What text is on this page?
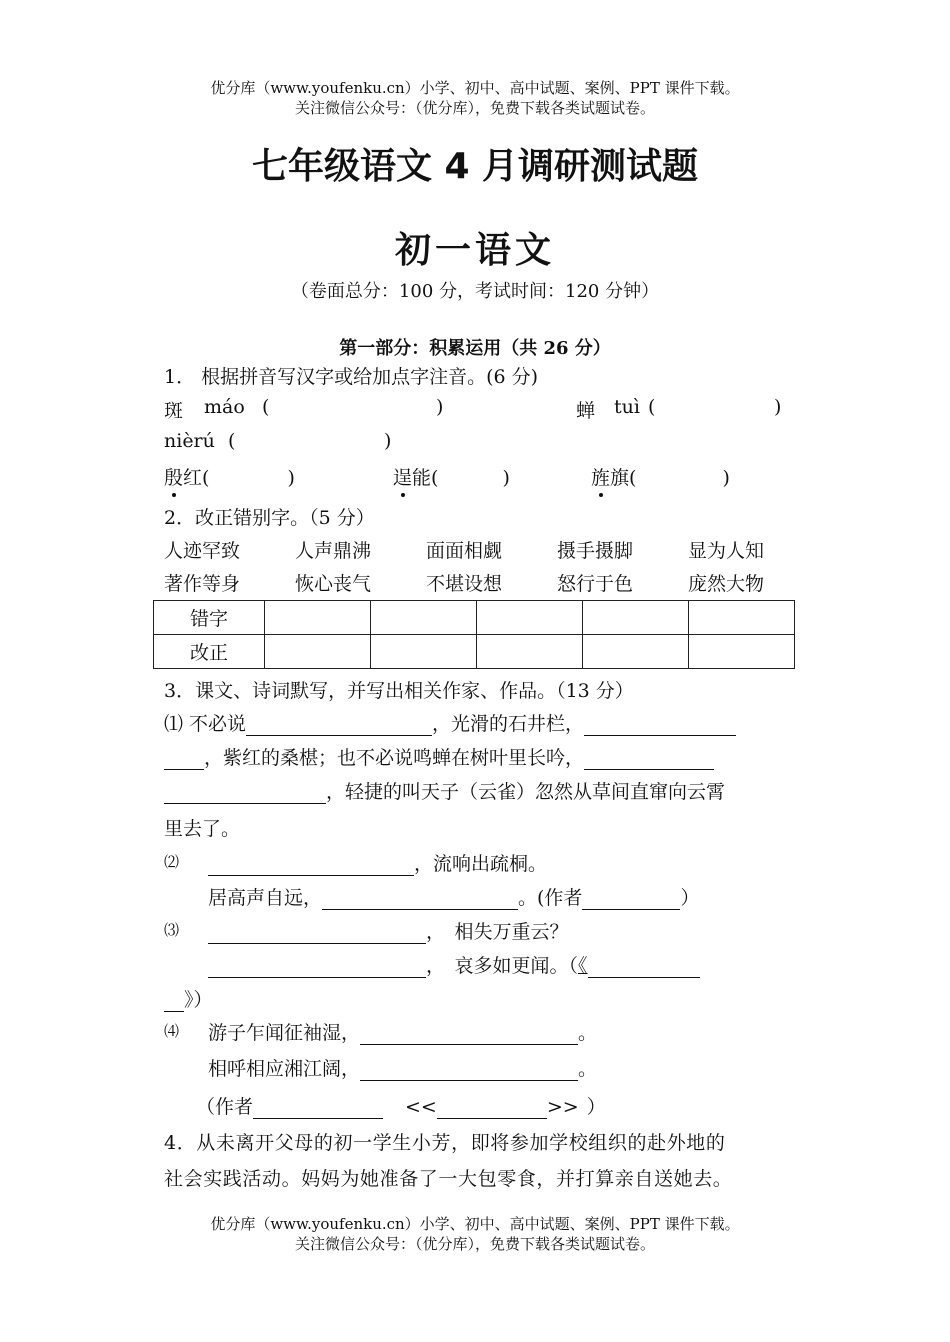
优分库（www.youfenku.cn）小学、初中、高中试题、案例、PPT 课件下载。
关注微信公众号：（优分库），免费下载各类试题试卷。
七年级语文 4 月调研测试题
初一语文
（卷面总分：100 分，考试时间：120 分钟）
第一部分：积累运用（共 26 分）
1． 根据拼音写汉字或给加点字注音。(6 分)
斑 máo (	)	蝉 tuì (	)
nièrú (	)
殷红(	)	逞能(	)	旌旗(	)
2．改正错别字。（5 分）
人迹罕致	人声鼎沸	面面相觑	摄手摄脚	显为人知
著作等身	恢心丧气	不堪设想	怒行于色	庞然大物
错字					
改正					
3．课文、诗词默写，并写出相关作家、作品。（13 分）
⑴ 不必说	，光滑的石井栏，
，紫红的桑椹；也不必说鸣蝉在树叶里长吟，
，轻捷的叫天子（云雀）忽然从草间直窜向云霄
里去了。
⑵	，流响出疏桐。
居高声自远，	。(作者	）
⑶	，　相失万重云？
，　哀多如更闻。（《
》）
⑷ 游子乍闻征袖湿，	。
相呼相应湘江阔，	。
（作者	<<	>> ）
4．从未离开父母的初一学生小芳，即将参加学校组织的赴外地的
社会实践活动。妈妈为她准备了一大包零食，并打算亲自送她去。
优分库（www.youfenku.cn）小学、初中、高中试题、案例、PPT 课件下载。
关注微信公众号：（优分库），免费下载各类试题试卷。
